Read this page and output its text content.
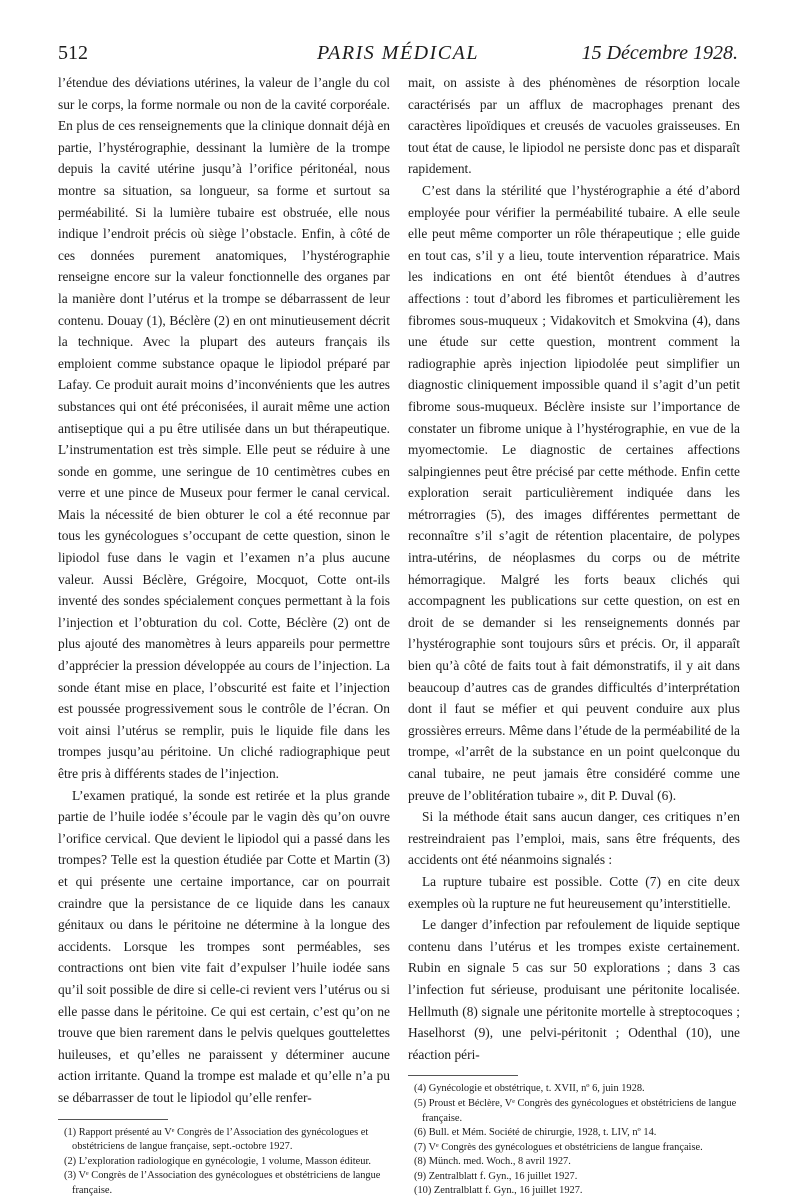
512	PARIS MÉDICAL	15 Décembre 1928.

l’étendue des déviations utérines, la valeur de l’angle du col sur le corps, la forme normale ou non de la cavité corporéale. En plus de ces renseignements que la clinique donnait déjà en partie, l’hystérographie, dessinant la lumière de la trompe depuis la cavité utérine jusqu’à l’orifice péritonéal, nous montre sa situation, sa longueur, sa forme et surtout sa perméabilité. Si la lumière tubaire est obstruée, elle nous indique l’endroit précis où siège l’obstacle. Enfin, à côté de ces données purement anatomiques, l’hystérographie renseigne encore sur la valeur fonctionnelle des organes par la manière dont l’utérus et la trompe se débarrassent de leur contenu. Douay (1), Béclère (2) en ont minutieusement décrit la technique. Avec la plupart des auteurs français ils emploient comme substance opaque le lipiodol préparé par Lafay. Ce produit aurait moins d’inconvénients que les autres substances qui ont été préconisées, il aurait même une action antiseptique qui a pu être utilisée dans un but thérapeutique. L’instrumentation est très simple. Elle peut se réduire à une sonde en gomme, une seringue de 10 centimètres cubes en verre et une pince de Museux pour fermer le canal cervical. Mais la nécessité de bien obturer le col a été reconnue par tous les gynécologues s’occupant de cette question, sinon le lipiodol fuse dans le vagin et l’examen n’a plus aucune valeur. Aussi Béclère, Grégoire, Mocquot, Cotte ont-ils inventé des sondes spécialement conçues permettant à la fois l’injection et l’obturation du col. Cotte, Béclère (2) ont de plus ajouté des manomètres à leurs appareils pour permettre d’apprécier la pression développée au cours de l’injection. La sonde étant mise en place, l’obscurité est faite et l’injection est poussée progressivement sous le contrôle de l’écran. On voit ainsi l’utérus se remplir, puis le liquide file dans les trompes jusqu’au péritoine. Un cliché radiographique peut être pris à différents stades de l’injection.

L’examen pratiqué, la sonde est retirée et la plus grande partie de l’huile iodée s’écoule par le vagin dès qu’on ouvre l’orifice cervical. Que devient le lipiodol qui a passé dans les trompes? Telle est la question étudiée par Cotte et Martin (3) et qui présente une certaine importance, car on pourrait craindre que la persistance de ce liquide dans les canaux génitaux ou dans le péritoine ne détermine à la longue des accidents. Lorsque les trompes sont perméables, ses contractions ont bien vite fait d’expulser l’huile iodée sans qu’il soit possible de dire si celle-ci revient vers l’utérus ou si elle passe dans le péritoine. Ce qui est certain, c’est qu’on ne trouve que bien rarement dans le pelvis quelques gouttelettes huileuses, et qu’elles ne paraissent y déterminer aucune action irritante. Quand la trompe est malade et qu’elle n’a pu se débarrasser de tout le lipiodol qu’elle renfer-

(1) Rapport présenté au Vᵉ Congrès de l’Association des gynécologues et obstétriciens de langue française, sept.-octobre 1927.
(2) L’exploration radiologique en gynécologie, 1 volume, Masson éditeur.
(3) Vᵉ Congrès de l’Association des gynécologues et obstétriciens de langue française.

mait, on assiste à des phénomènes de résorption locale caractérisés par un afflux de macrophages prenant des caractères lipoïdiques et creusés de vacuoles graisseuses. En tout état de cause, le lipiodol ne persiste donc pas et disparaît rapidement.

C’est dans la stérilité que l’hystérographie a été d’abord employée pour vérifier la perméabilité tubaire. A elle seule elle peut même comporter un rôle thérapeutique ; elle guide en tout cas, s’il y a lieu, toute intervention réparatrice. Mais les indications en ont été bientôt étendues à d’autres affections : tout d’abord les fibromes et particulièrement les fibromes sous-muqueux ; Vidakovitch et Smokvina (4), dans une étude sur cette question, montrent comment la radiographie après injection lipiodolée peut simplifier un diagnostic cliniquement impossible quand il s’agit d’un petit fibrome sous-muqueux. Béclère insiste sur l’importance de constater un fibrome unique à l’hystérographie, en vue de la myomectomie. Le diagnostic de certaines affections salpingiennes peut être précisé par cette méthode. Enfin cette exploration serait particulièrement indiquée dans les métrorragies (5), des images différentes permettant de reconnaître s’il s’agit de rétention placentaire, de polypes intra-utérins, de néoplasmes du corps ou de métrite hémorragique. Malgré les forts beaux clichés qui accompagnent les publications sur cette question, on est en droit de se demander si les renseignements donnés par l’hystérographie sont toujours sûrs et précis. Or, il apparaît bien qu’à côté de faits tout à fait démonstratifs, il y ait dans beaucoup d’autres cas de grandes difficultés d’interprétation dont il faut se méfier et qui peuvent conduire aux plus grossières erreurs. Même dans l’étude de la perméabilité de la trompe, «l’arrêt de la substance en un point quelconque du canal tubaire, ne peut jamais être considéré comme une preuve de l’oblitération tubaire », dit P. Duval (6).

Si la méthode était sans aucun danger, ces critiques n’en restreindraient pas l’emploi, mais, sans être fréquents, des accidents ont été néanmoins signalés :

La rupture tubaire est possible. Cotte (7) en cite deux exemples où la rupture ne fut heureusement qu’interstitielle.

Le danger d’infection par refoulement de liquide septique contenu dans l’utérus et les trompes existe certainement. Rubin en signale 5 cas sur 50 explorations ; dans 3 cas l’infection fut sérieuse, produisant une péritonite localisée. Hellmuth (8) signale une péritonite mortelle à streptocoques ; Haselhorst (9), une pelvi-péritonit ; Odenthal (10), une réaction péri-

(4) Gynécologie et obstétrique, t. XVII, nº 6, juin 1928.
(5) Proust et Béclère, Vᵉ Congrès des gynécologues et obstétriciens de langue française.
(6) Bull. et Mém. Société de chirurgie, 1928, t. LIV, nº 14.
(7) Vᵉ Congrès des gynécologues et obstétriciens de langue française.
(8) Münch. med. Woch., 8 avril 1927.
(9) Zentralblatt f. Gyn., 16 juillet 1927.
(10) Zentralblatt f. Gyn., 16 juillet 1927.
